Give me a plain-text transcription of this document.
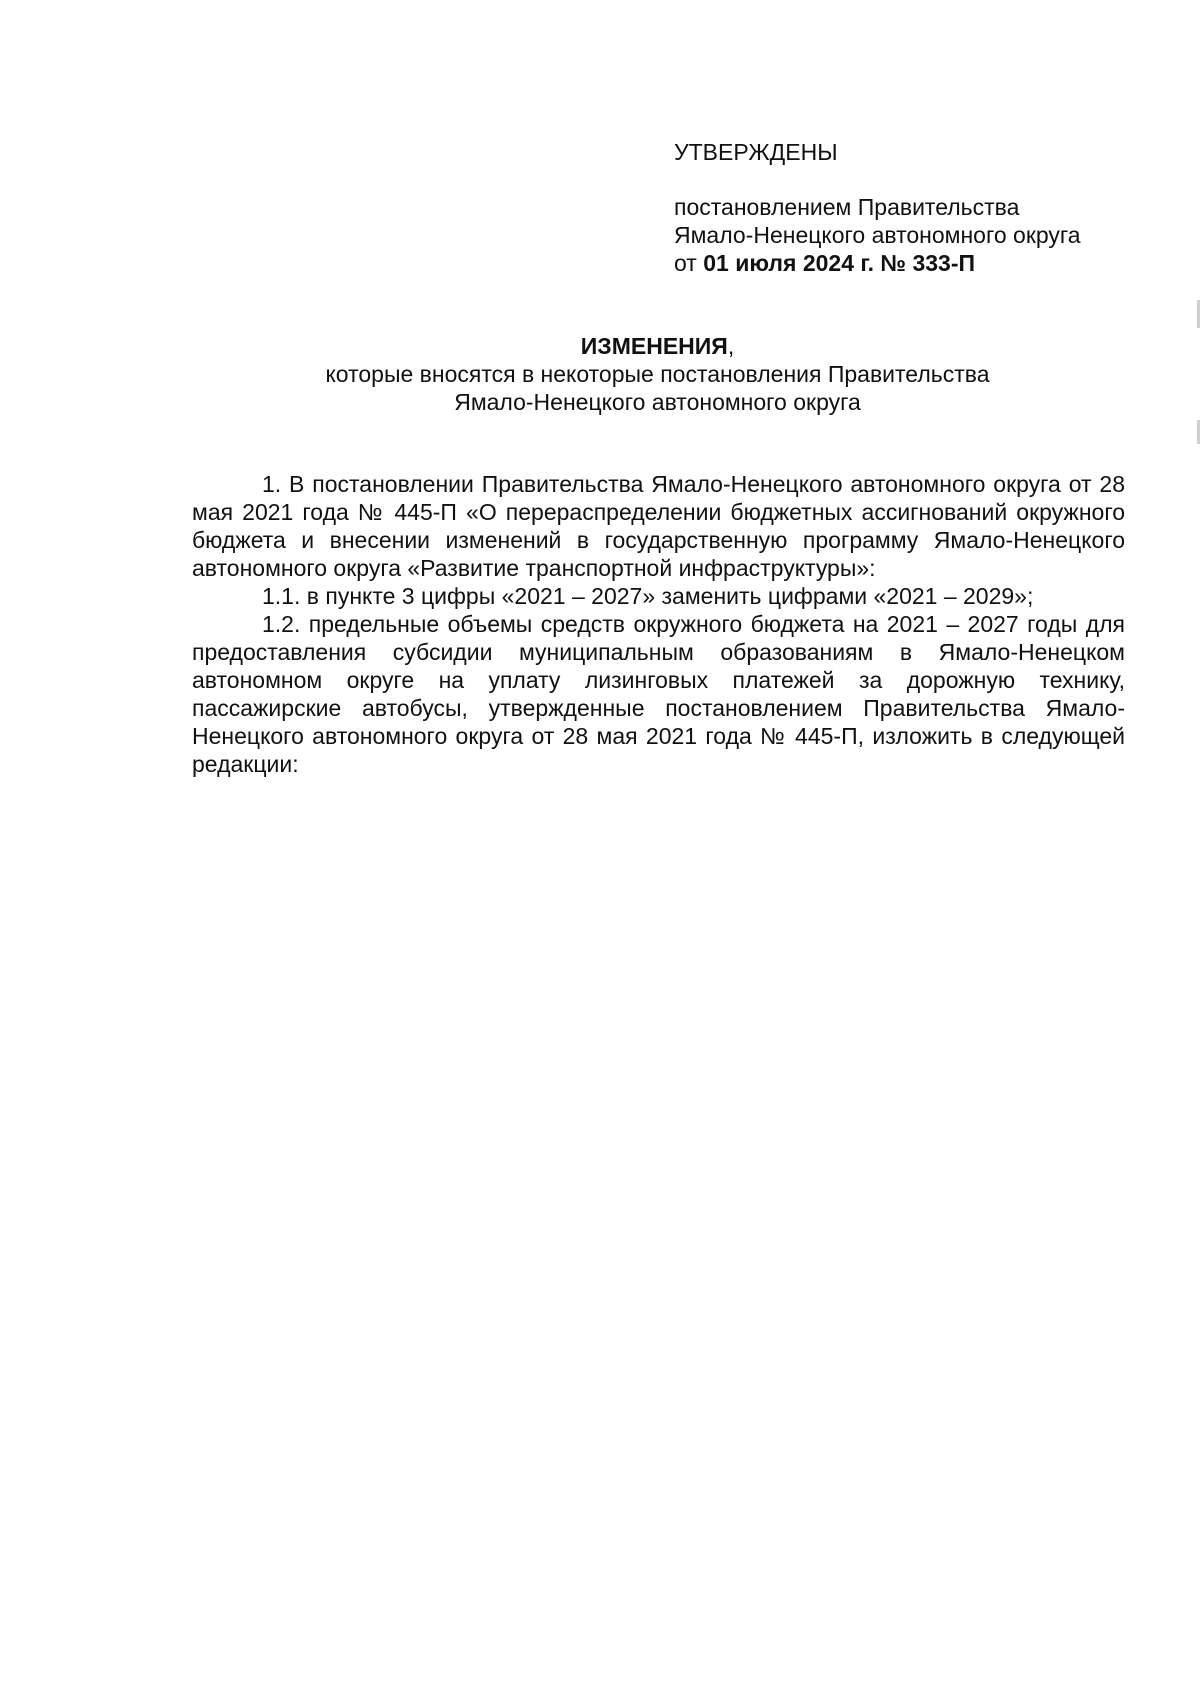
УТВЕРЖДЕНЫ

постановлением Правительства

Ямало-Ненецкого автономного округа

от 01 июля 2024 г. № 333-П

ИЗМЕНЕНИЯ,

которые вносятся в некоторые постановления Правительства

Ямало-Ненецкого автономного округа

1. В постановлении Правительства Ямало-Ненецкого автономного округа от 28 мая 2021 года № 445-П «О перераспределении бюджетных ассигнований окружного бюджета и внесении изменений в государственную программу Ямало-Ненецкого автономного округа «Развитие транспортной инфраструктуры»:

1.1. в пункте 3 цифры «2021 – 2027» заменить цифрами «2021 – 2029»;

1.2. предельные объемы средств окружного бюджета на 2021 – 2027 годы для предоставления субсидии муниципальным образованиям в Ямало-Ненецком автономном округе на уплату лизинговых платежей за дорожную технику, пассажирские автобусы, утвержденные постановлением Правительства Ямало-Ненецкого автономного округа от 28 мая 2021 года № 445-П, изложить в следующей редакции:
